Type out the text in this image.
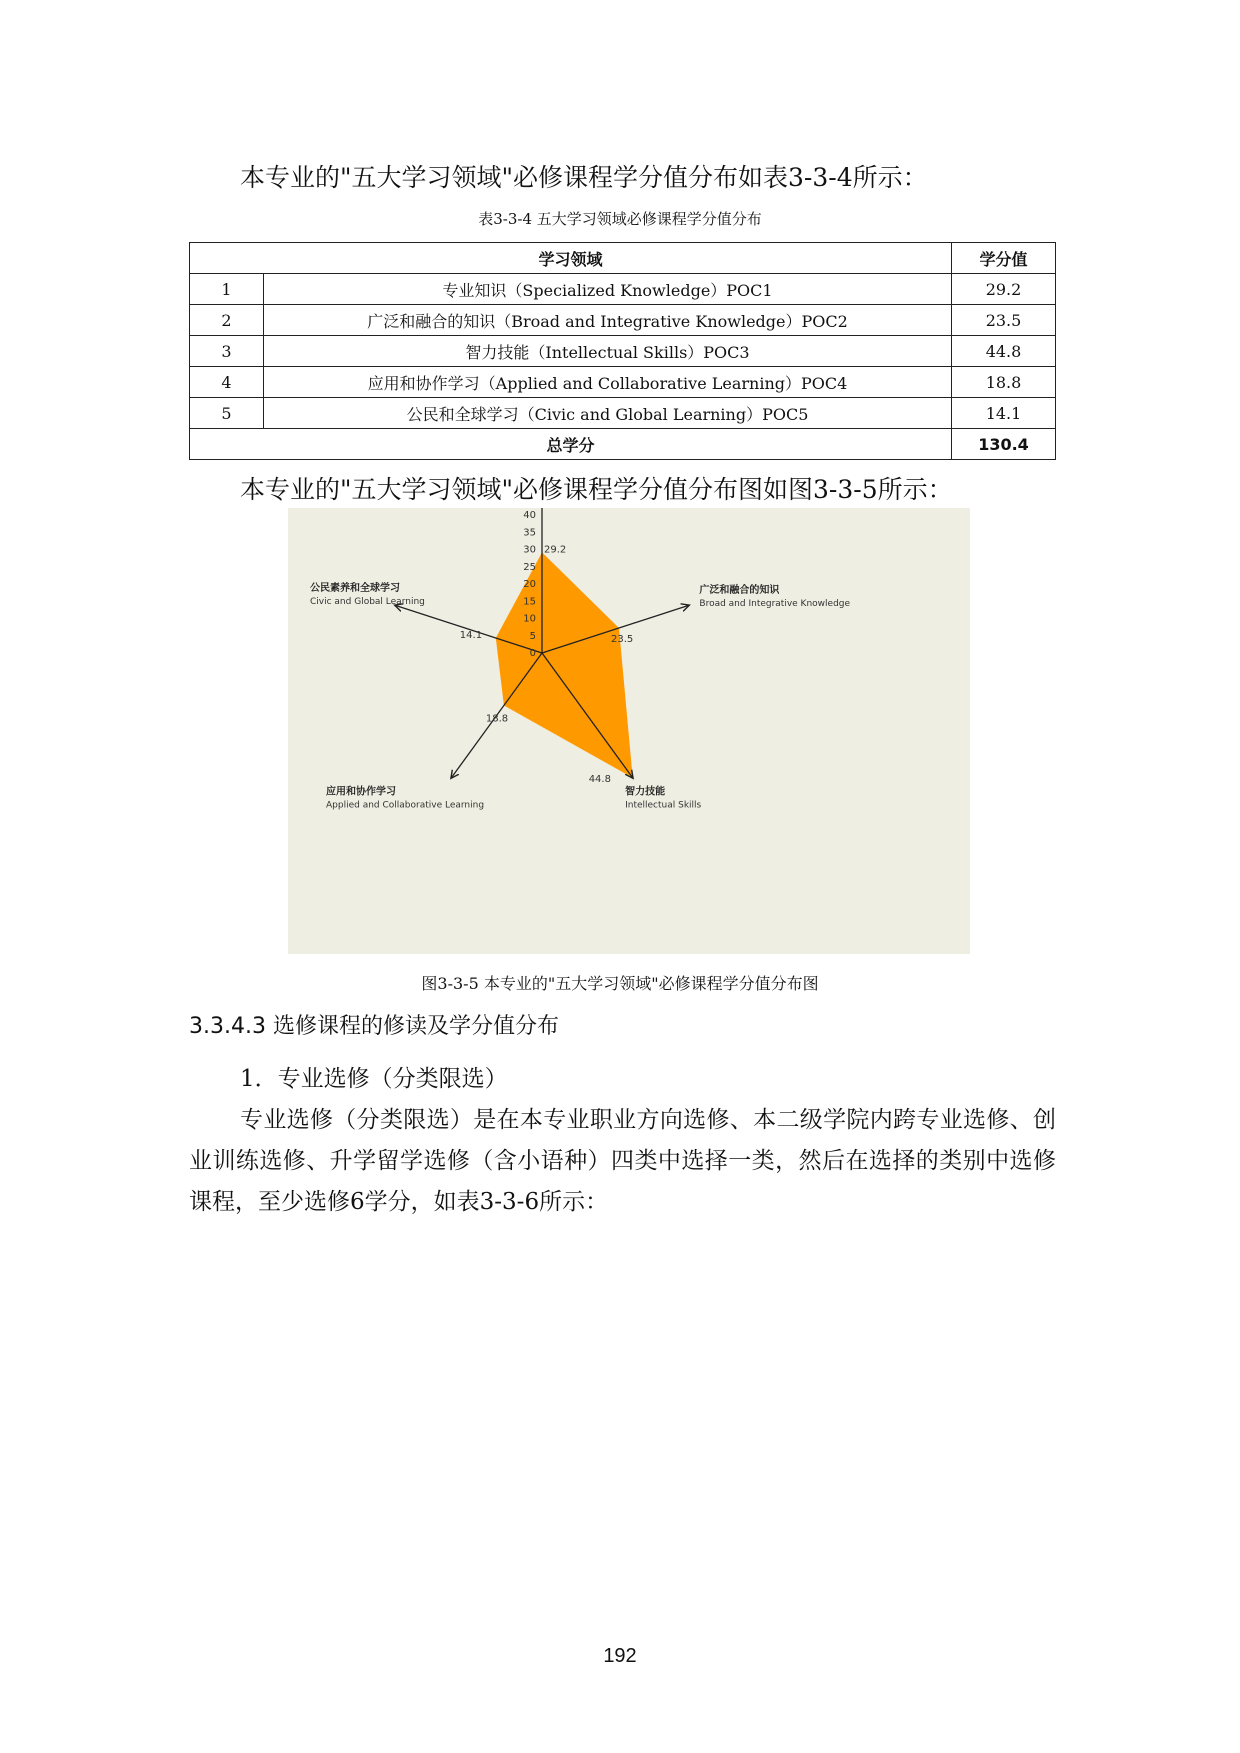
本专业的"五大学习领域"必修课程学分值分布如表3-3-4所示：
表3-3-4 五大学习领域必修课程学分值分布
学习领域		学分值
1	专业知识（Specialized Knowledge）POC1	29.2
2	广泛和融合的知识（Broad and Integrative Knowledge）POC2	23.5
3	智力技能（Intellectual Skills）POC3	44.8
4	应用和协作学习（Applied and Collaborative Learning）POC4	18.8
5	公民和全球学习（Civic and Global Learning）POC5	14.1
总学分		130.4
本专业的"五大学习领域"必修课程学分值分布图如图3-3-5所示：
0
5
10
15
20
25
30
35
40
广泛和融合的知识
Broad and Integrative Knowledge
智力技能
Intellectual Skills
应用和协作学习
Applied and Collaborative Learning
公民素养和全球学习
Civic and Global Learning
29.2
23.5
44.8
18.8
14.1
图3-3-5 本专业的"五大学习领域"必修课程学分值分布图
3.3.4.3 选修课程的修读及学分值分布
1．专业选修（分类限选）
专业选修（分类限选）是在本专业职业方向选修、本二级学院内跨专业选修、创业训练选修、升学留学选修（含小语种）四类中选择一类，然后在选择的类别中选修课程，至少选修6学分，如表3-3-6所示：
192
